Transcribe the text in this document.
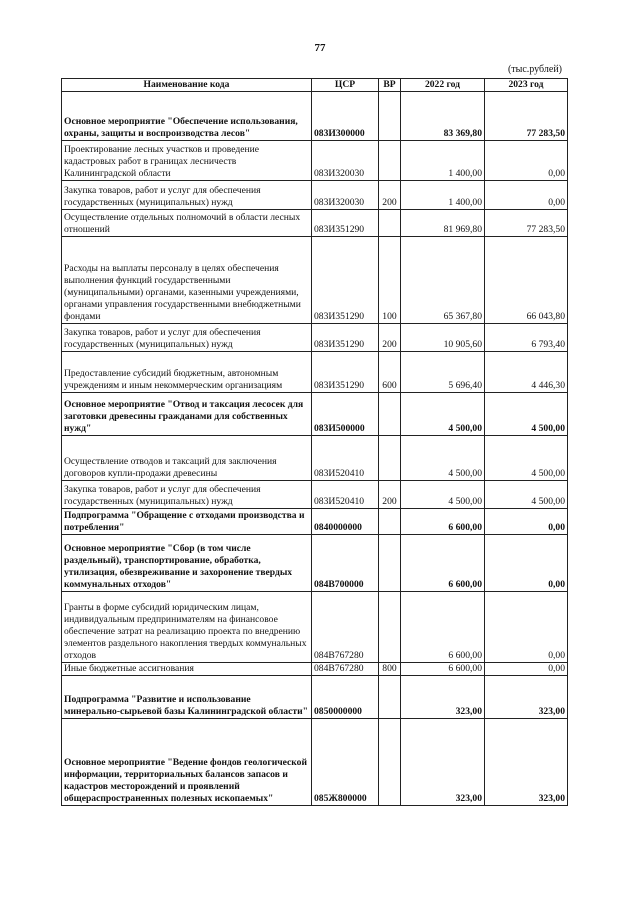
77
(тыс.рублей)
Наименование кода	ЦСР	ВР	2022 год	2023 год
Основное мероприятие "Обеспечение использования, охраны, защиты и воспроизводства лесов"	083И300000		83 369,80	77 283,50
Проектирование лесных участков и проведение кадастровых работ в границах лесничеств Калининградской области	083И320030		1 400,00	0,00
Закупка товаров, работ и услуг для обеспечения государственных (муниципальных) нужд	083И320030	200	1 400,00	0,00
Осуществление отдельных полномочий в области лесных отношений	083И351290		81 969,80	77 283,50
Расходы на выплаты персоналу в целях обеспечения выполнения функций государственными (муниципальными) органами, казенными учреждениями, органами управления государственными внебюджетными фондами	083И351290	100	65 367,80	66 043,80
Закупка товаров, работ и услуг для обеспечения государственных (муниципальных) нужд	083И351290	200	10 905,60	6 793,40
Предоставление субсидий бюджетным, автономным учреждениям и иным некоммерческим организациям	083И351290	600	5 696,40	4 446,30
Основное мероприятие "Отвод и таксация лесосек для заготовки древесины гражданами для собственных нужд"	083И500000		4 500,00	4 500,00
Осуществление отводов и таксаций для заключения договоров купли-продажи древесины	083И520410		4 500,00	4 500,00
Закупка товаров, работ и услуг для обеспечения государственных (муниципальных) нужд	083И520410	200	4 500,00	4 500,00
Подпрограмма "Обращение с отходами производства и потребления"	0840000000		6 600,00	0,00
Основное мероприятие "Сбор (в том числе раздельный), транспортирование, обработка, утилизация, обезвреживание и захоронение твердых коммунальных отходов"	084В700000		6 600,00	0,00
Гранты в форме субсидий юридическим лицам, индивидуальным предпринимателям на финансовое обеспечение затрат на реализацию проекта по внедрению элементов раздельного накопления твердых коммунальных отходов	084В767280		6 600,00	0,00
Иные бюджетные ассигнования	084В767280	800	6 600,00	0,00
Подпрограмма "Развитие и использование минерально-сырьевой базы Калининградской области"	0850000000		323,00	323,00
Основное мероприятие "Ведение фондов геологической информации, территориальных балансов запасов и кадастров месторождений и проявлений общераспространенных полезных ископаемых"	085Ж800000		323,00	323,00
